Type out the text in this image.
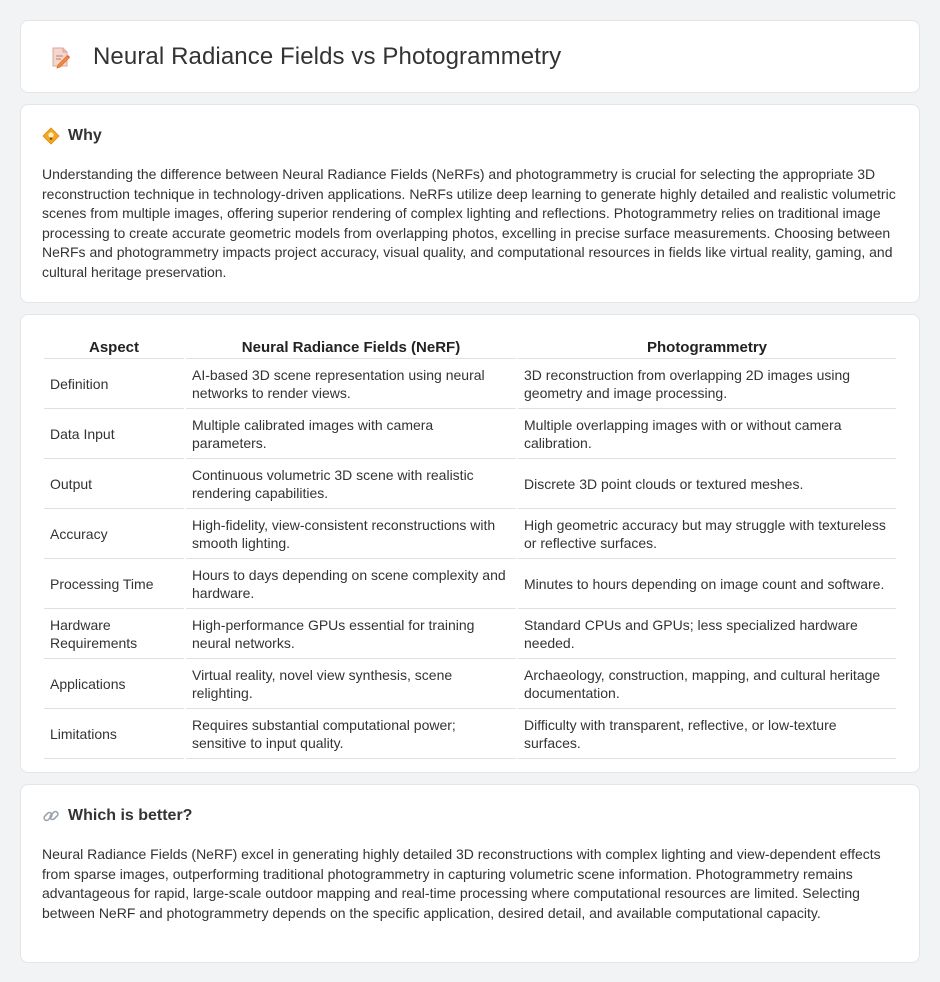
Neural Radiance Fields vs Photogrammetry
Why

Understanding the difference between Neural Radiance Fields (NeRFs) and photogrammetry is crucial for selecting the appropriate 3D reconstruction technique in technology-driven applications. NeRFs utilize deep learning to generate highly detailed and realistic volumetric scenes from multiple images, offering superior rendering of complex lighting and reflections. Photogrammetry relies on traditional image processing to create accurate geometric models from overlapping photos, excelling in precise surface measurements. Choosing between NeRFs and photogrammetry impacts project accuracy, visual quality, and computational resources in fields like virtual reality, gaming, and cultural heritage preservation.

Aspect	Neural Radiance Fields (NeRF)	Photogrammetry
Definition	AI-based 3D scene representation using neural networks to render views.	3D reconstruction from overlapping 2D images using geometry and image processing.
Data Input	Multiple calibrated images with camera parameters.	Multiple overlapping images with or without camera calibration.
Output	Continuous volumetric 3D scene with realistic rendering capabilities.	Discrete 3D point clouds or textured meshes.
Accuracy	High-fidelity, view-consistent reconstructions with smooth lighting.	High geometric accuracy but may struggle with textureless or reflective surfaces.
Processing Time	Hours to days depending on scene complexity and hardware.	Minutes to hours depending on image count and software.
Hardware Requirements	High-performance GPUs essential for training neural networks.	Standard CPUs and GPUs; less specialized hardware needed.
Applications	Virtual reality, novel view synthesis, scene relighting.	Archaeology, construction, mapping, and cultural heritage documentation.
Limitations	Requires substantial computational power; sensitive to input quality.	Difficulty with transparent, reflective, or low-texture surfaces.
Which is better?

Neural Radiance Fields (NeRF) excel in generating highly detailed 3D reconstructions with complex lighting and view-dependent effects from sparse images, outperforming traditional photogrammetry in capturing volumetric scene information. Photogrammetry remains advantageous for rapid, large-scale outdoor mapping and real-time processing where computational resources are limited. Selecting between NeRF and photogrammetry depends on the specific application, desired detail, and available computational capacity.
